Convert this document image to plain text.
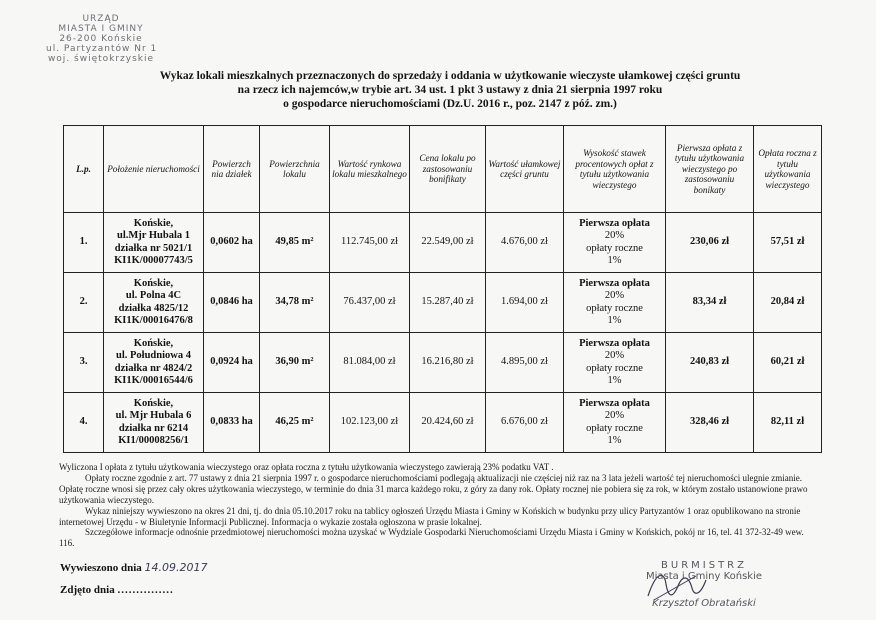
URZĄD
MIASTA I GMINY
26-200 Końskie
ul. Partyzantów Nr 1
woj. świętokrzyskie
Wykaz lokali mieszkalnych przeznaczonych do sprzedaży i oddania w użytkowanie wieczyste ułamkowej części gruntu
na rzecz ich najemców,w trybie art. 34 ust. 1 pkt 3 ustawy z dnia 21 sierpnia 1997 roku
o gospodarce nieruchomościami (Dz.U. 2016 r., poz. 2147 z póź. zm.)
L.p.	Położenie nieruchomości	Powierzch nia działek	Powierzchnia lokalu	Wartość rynkowa lokalu mieszkalnego	Cena lokalu po zastosowaniu bonifikaty	Wartość ułamkowej części gruntu	Wysokość stawek procentowych opłat z tytułu użytkowania wieczystego	Pierwsza opłata z tytułu użytkowania wieczystego po zastosowaniu bonikaty	Opłata roczna z tytułu użytkowania wieczystego
1.	Końskie,
ul.Mjr Hubala 1
działka nr 5021/1
KI1K/00007743/5	0,0602 ha	49,85 m²	112.745,00 zł	22.549,00 zł	4.676,00 zł	Pierwsza opłata
20%
opłaty roczne
1%	230,06 zł	57,51 zł
2.	Końskie,
ul. Polna 4C
działka 4825/12
KI1K/00016476/8	0,0846 ha	34,78 m²	76.437,00 zł	15.287,40 zł	1.694,00 zł	Pierwsza opłata
20%
opłaty roczne
1%	83,34 zł	20,84 zł
3.	Końskie,
ul. Południowa 4
działka nr 4824/2
KI1K/00016544/6	0,0924 ha	36,90 m²	81.084,00 zł	16.216,80 zł	4.895,00 zł	Pierwsza opłata
20%
opłaty roczne
1%	240,83 zł	60,21 zł
4.	Końskie,
ul. Mjr Hubala 6
działka nr 6214
KI1/00008256/1	0,0833 ha	46,25 m²	102.123,00 zł	20.424,60 zł	6.676,00 zł	Pierwsza opłata
20%
opłaty roczne
1%	328,46 zł	82,11 zł

Wyliczona I opłata z tytułu użytkowania wieczystego oraz opłata roczna z tytułu użytkowania wieczystego zawierają 23% podatku VAT .

Opłaty roczne zgodnie z art. 77 ustawy z dnia 21 sierpnia 1997 r. o gospodarce nieruchomościami podlegają aktualizacji nie częściej niż raz na 3 lata jeżeli wartość tej nieruchomości ulegnie zmianie. Opłatę roczne wnosi się przez cały okres użytkowania wieczystego, w terminie do dnia 31 marca każdego roku, z góry za dany rok. Opłaty rocznej nie pobiera się za rok, w którym zostało ustanowione prawo użytkowania wieczystego.

Wykaz niniejszy wywieszono na okres 21 dni, tj. do dnia 05.10.2017 roku na tablicy ogłoszeń Urzędu Miasta i Gminy w Końskich w budynku przy ulicy Partyzantów 1 oraz opublikowano na stronie internetowej Urzędu - w Biuletynie Informacji Publicznej. Informacja o wykazie została ogłoszona w prasie lokalnej.

Szczegółowe informacje odnośnie przedmiotowej nieruchomości można uzyskać w Wydziale Gospodarki Nieruchomościami Urzędu Miasta i Gminy w Końskich, pokój nr 16, tel. 41 372-32-49 wew. 116.

Wywieszono dnia 14.09.2017
Zdjęto dnia ...............
BURMISTRZ
Miasta i Gminy Końskie
Krzysztof Obratański
